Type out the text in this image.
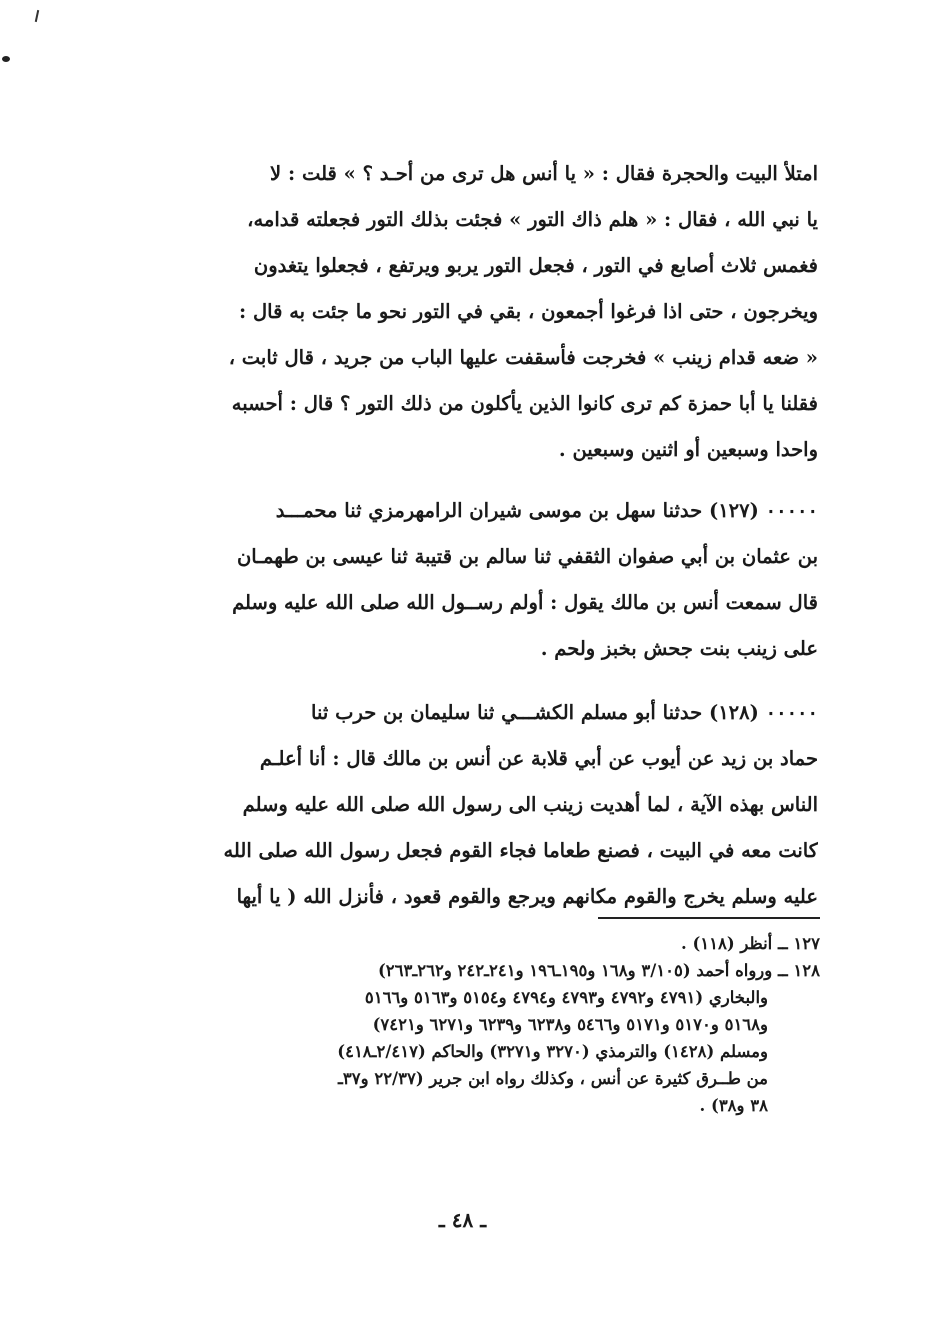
امتلأ البيت والحجرة فقال : « يا أنس هل ترى من أحـد ؟ » قلت : لا
يا نبي الله ، فقال : « هلم ذاك التور » فجئت بذلك التور فجعلته قدامه،
فغمس ثلاث أصابع في التور ، فجعل التور يربو ويرتفع ، فجعلوا يتغدون
ويخرجون ، حتى اذا فرغوا أجمعون ، بقي في التور نحو ما جئت به قال :
« ضعه قدام زينب » فخرجت فأسقفت عليها الباب من جريد ، قال ثابت ،
فقلنا يا أبا حمزة كم ترى كانوا الذين يأكلون من ذلك التور ؟ قال : أحسبه
واحدا وسبعين أو اثنين وسبعين .
٠٠٠٠٠ (١٢٧) حدثنا سهل بن موسى شيران الرامهرمزي ثنا محمـــد
بن عثمان بن أبي صفوان الثقفي ثنا سالم بن قتيبة ثنا عيسى بن طهمـان
قال سمعت أنس بن مالك يقول : أولم رســول الله صلى الله عليه وسلم
على زينب بنت جحش بخبز ولحم .
٠٠٠٠٠ (١٢٨) حدثنا أبو مسلم الكشـــي ثنا سليمان بن حرب ثنا
حماد بن زيد عن أيوب عن أبي قلابة عن أنس بن مالك قال : أنا أعلـم
الناس بهذه الآية ، لما أهديت زينب الى رسول الله صلى الله عليه وسلم
كانت معه في البيت ، فصنع طعاما فجاء القوم فجعل رسول الله صلى الله
عليه وسلم يخرج والقوم مكانهم ويرجع والقوم قعود ، فأنزل الله ( يا أيها
١٢٧ ــ أنظر (١١٨) .
١٢٨ ــ ورواه أحمد (٣/١٠٥ و١٦٨ و١٩٥ـ١٩٦ و٢٤١ـ٢٤٢ و٢٦٢ـ٢٦٣)
والبخاري (٤٧٩١ و٤٧٩٢ و٤٧٩٣ و٤٧٩٤ و٥١٥٤ و٥١٦٣ و٥١٦٦
و٥١٦٨ و٥١٧٠ و٥١٧١ و٥٤٦٦ و٦٢٣٨ و٦٢٣٩ و٦٢٧١ و٧٤٢١)
ومسلم (١٤٢٨) والترمذي (٣٢٧٠ و٣٢٧١) والحاكم (٢/٤١٧ـ٤١٨)
من طــرق كثيرة عن أنس ، وكذلك رواه ابن جرير (٢٢/٣٧ و٣٧ـ
٣٨ و٣٨) .
ـ ٤٨ ـ
